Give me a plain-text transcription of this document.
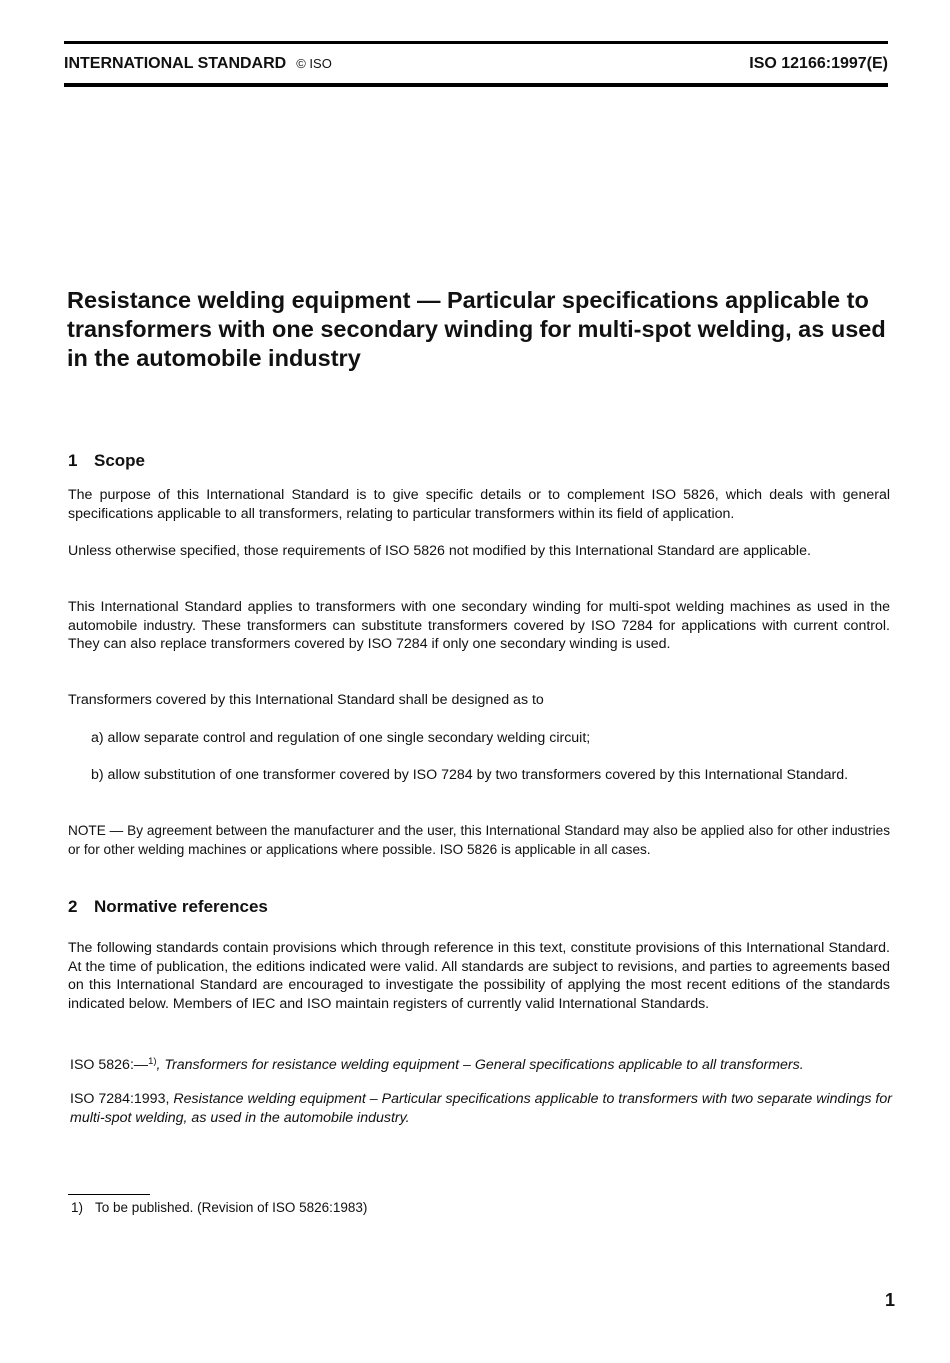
INTERNATIONAL STANDARD © ISO	ISO 12166:1997(E)
Resistance welding equipment — Particular specifications applicable to transformers with one secondary winding for multi-spot welding, as used in the automobile industry
1 Scope

The purpose of this International Standard is to give specific details or to complement ISO 5826, which deals with general specifications applicable to all transformers, relating to particular transformers within its field of application.

Unless otherwise specified, those requirements of ISO 5826 not modified by this International Standard are applicable.

This International Standard applies to transformers with one secondary winding for multi-spot welding machines as used in the automobile industry. These transformers can substitute transformers covered by ISO 7284 for applications with current control. They can also replace transformers covered by ISO 7284 if only one secondary winding is used.

Transformers covered by this International Standard shall be designed as to

a) allow separate control and regulation of one single secondary welding circuit;

b) allow substitution of one transformer covered by ISO 7284 by two transformers covered by this International Standard.

NOTE — By agreement between the manufacturer and the user, this International Standard may also be applied also for other industries or for other welding machines or applications where possible. ISO 5826 is applicable in all cases.

2 Normative references

The following standards contain provisions which through reference in this text, constitute provisions of this International Standard. At the time of publication, the editions indicated were valid. All standards are subject to revisions, and parties to agreements based on this International Standard are encouraged to investigate the possibility of applying the most recent editions of the standards indicated below. Members of IEC and ISO maintain registers of currently valid International Standards.

ISO 5826:—$^{1)}$, Transformers for resistance welding equipment – General specifications applicable to all transformers.

ISO 7284:1993, Resistance welding equipment – Particular specifications applicable to transformers with two separate windings for multi-spot welding, as used in the automobile industry.

1) To be published. (Revision of ISO 5826:1983)
1
